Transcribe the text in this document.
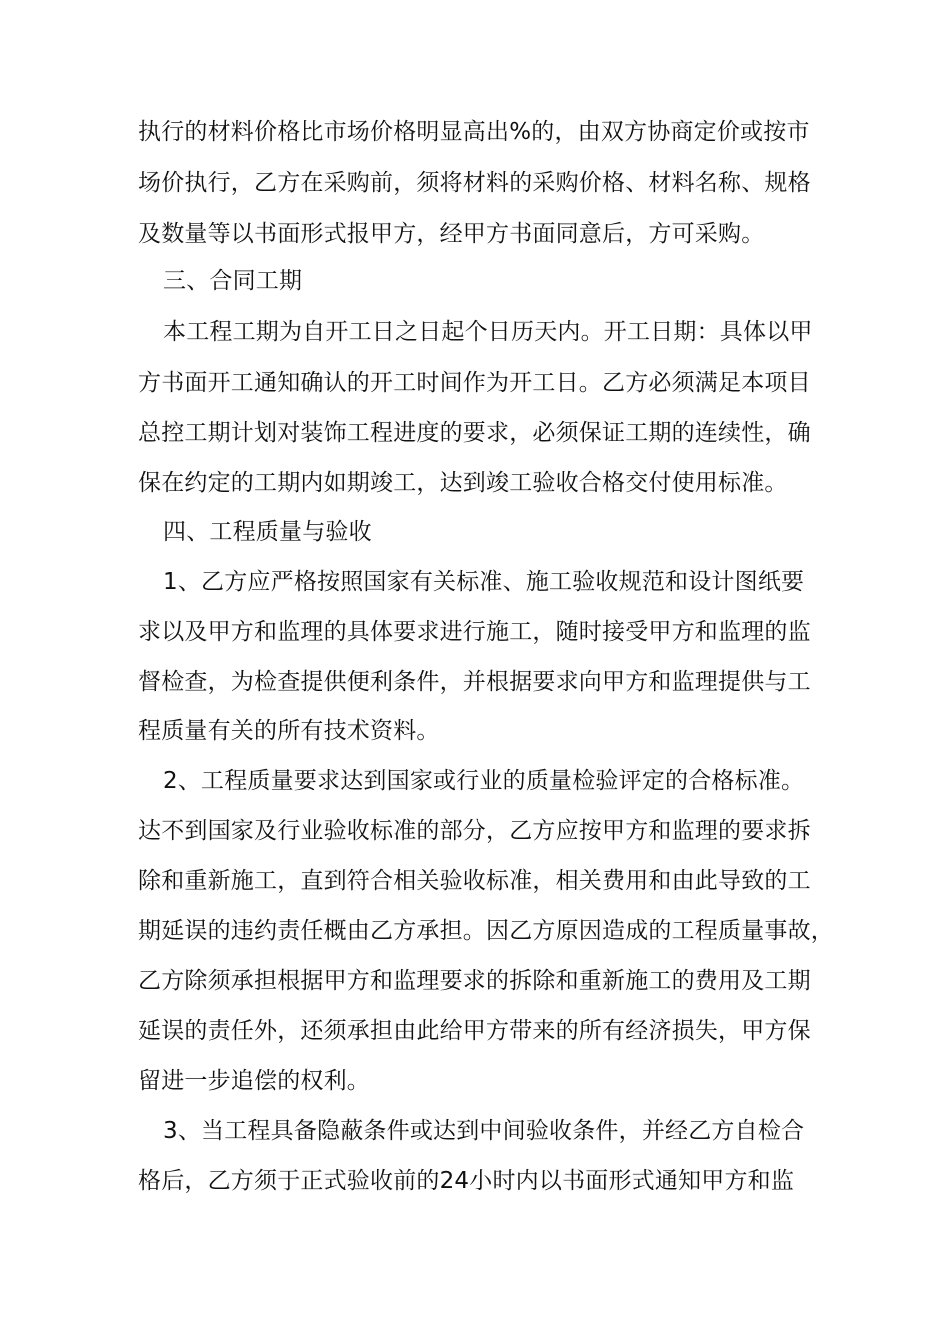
执行的材料价格比市场价格明显高出%的，由双方协商定价或按市

场价执行，乙方在采购前，须将材料的采购价格、材料名称、规格

及数量等以书面形式报甲方，经甲方书面同意后，方可采购。

三、合同工期

本工程工期为自开工日之日起个日历天内。开工日期：具体以甲

方书面开工通知确认的开工时间作为开工日。乙方必须满足本项目

总控工期计划对装饰工程进度的要求，必须保证工期的连续性，确

保在约定的工期内如期竣工，达到竣工验收合格交付使用标准。

四、工程质量与验收

1、乙方应严格按照国家有关标准、施工验收规范和设计图纸要

求以及甲方和监理的具体要求进行施工，随时接受甲方和监理的监

督检查，为检查提供便利条件，并根据要求向甲方和监理提供与工

程质量有关的所有技术资料。

2、工程质量要求达到国家或行业的质量检验评定的合格标准。

达不到国家及行业验收标准的部分，乙方应按甲方和监理的要求拆

除和重新施工，直到符合相关验收标准，相关费用和由此导致的工

期延误的违约责任概由乙方承担。因乙方原因造成的工程质量事故，

乙方除须承担根据甲方和监理要求的拆除和重新施工的费用及工期

延误的责任外，还须承担由此给甲方带来的所有经济损失，甲方保

留进一步追偿的权利。

3、当工程具备隐蔽条件或达到中间验收条件，并经乙方自检合

格后，乙方须于正式验收前的24小时内以书面形式通知甲方和监
